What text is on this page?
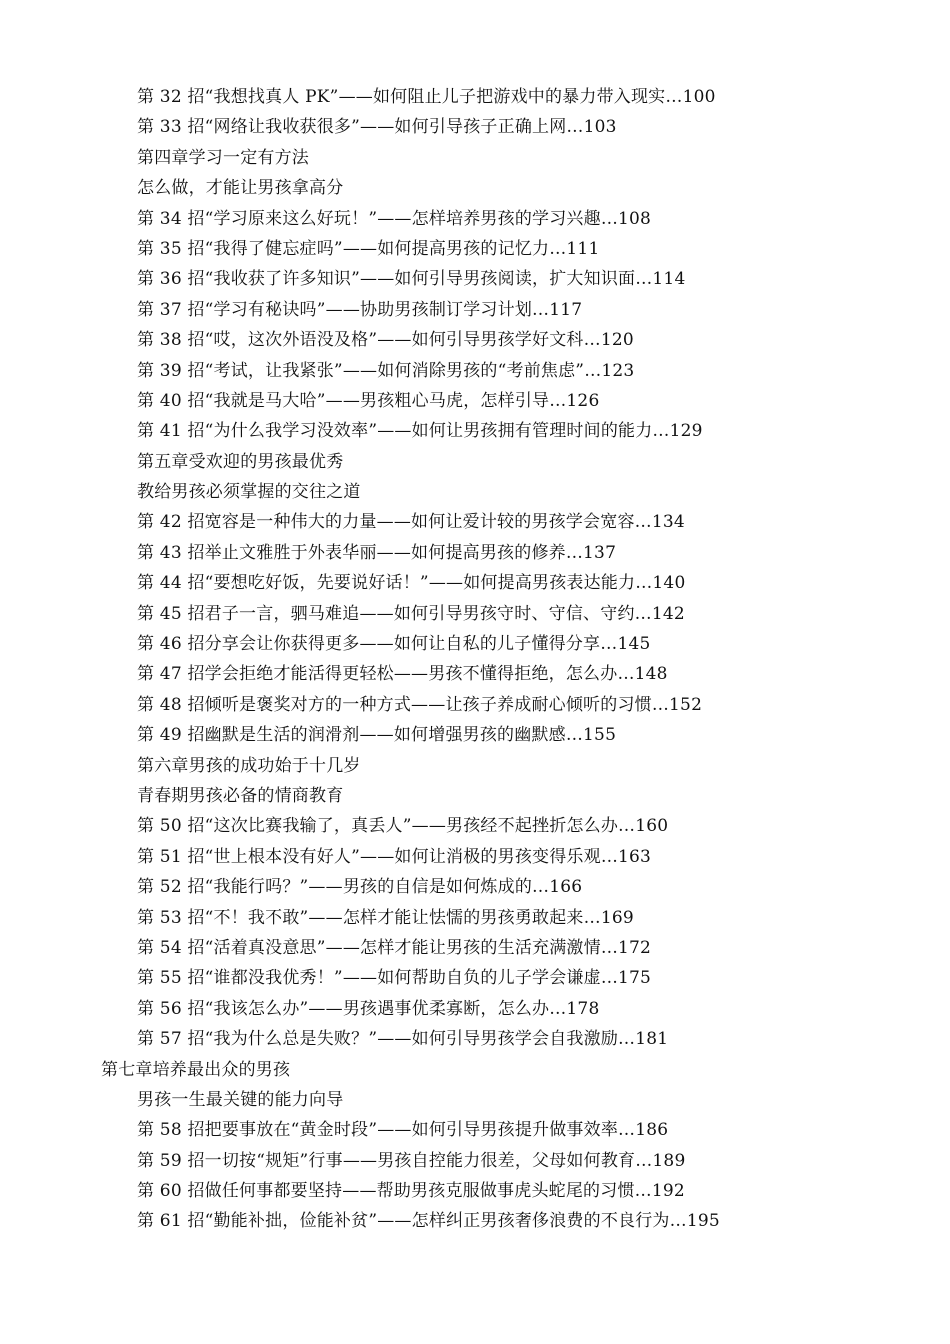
第 32 招“我想找真人 PK”——如何阻止儿子把游戏中的暴力带入现实…100
第 33 招“网络让我收获很多”——如何引导孩子正确上网…103
第四章学习一定有方法
怎么做，才能让男孩拿高分
第 34 招“学习原来这么好玩！”——怎样培养男孩的学习兴趣…108
第 35 招“我得了健忘症吗”——如何提高男孩的记忆力…111
第 36 招“我收获了许多知识”——如何引导男孩阅读，扩大知识面…114
第 37 招“学习有秘诀吗”——协助男孩制订学习计划…117
第 38 招“哎，这次外语没及格”——如何引导男孩学好文科…120
第 39 招“考试，让我紧张”——如何消除男孩的“考前焦虑”…123
第 40 招“我就是马大哈”——男孩粗心马虎，怎样引导…126
第 41 招“为什么我学习没效率”——如何让男孩拥有管理时间的能力…129
第五章受欢迎的男孩最优秀
教给男孩必须掌握的交往之道
第 42 招宽容是一种伟大的力量——如何让爱计较的男孩学会宽容…134
第 43 招举止文雅胜于外表华丽——如何提高男孩的修养…137
第 44 招“要想吃好饭，先要说好话！”——如何提高男孩表达能力…140
第 45 招君子一言，驷马难追——如何引导男孩守时、守信、守约…142
第 46 招分享会让你获得更多——如何让自私的儿子懂得分享…145
第 47 招学会拒绝才能活得更轻松——男孩不懂得拒绝，怎么办…148
第 48 招倾听是褒奖对方的一种方式——让孩子养成耐心倾听的习惯…152
第 49 招幽默是生活的润滑剂——如何增强男孩的幽默感…155
第六章男孩的成功始于十几岁
青春期男孩必备的情商教育
第 50 招“这次比赛我输了，真丢人”——男孩经不起挫折怎么办…160
第 51 招“世上根本没有好人”——如何让消极的男孩变得乐观…163
第 52 招“我能行吗？”——男孩的自信是如何炼成的…166
第 53 招“不！我不敢”——怎样才能让怯懦的男孩勇敢起来…169
第 54 招“活着真没意思”——怎样才能让男孩的生活充满激情…172
第 55 招“谁都没我优秀！”——如何帮助自负的儿子学会谦虚…175
第 56 招“我该怎么办”——男孩遇事优柔寡断，怎么办…178
第 57 招“我为什么总是失败？”——如何引导男孩学会自我激励…181
第七章培养最出众的男孩
男孩一生最关键的能力向导
第 58 招把要事放在“黄金时段”——如何引导男孩提升做事效率…186
第 59 招一切按“规矩”行事——男孩自控能力很差，父母如何教育…189
第 60 招做任何事都要坚持——帮助男孩克服做事虎头蛇尾的习惯…192
第 61 招“勤能补拙，俭能补贫”——怎样纠正男孩奢侈浪费的不良行为…195
